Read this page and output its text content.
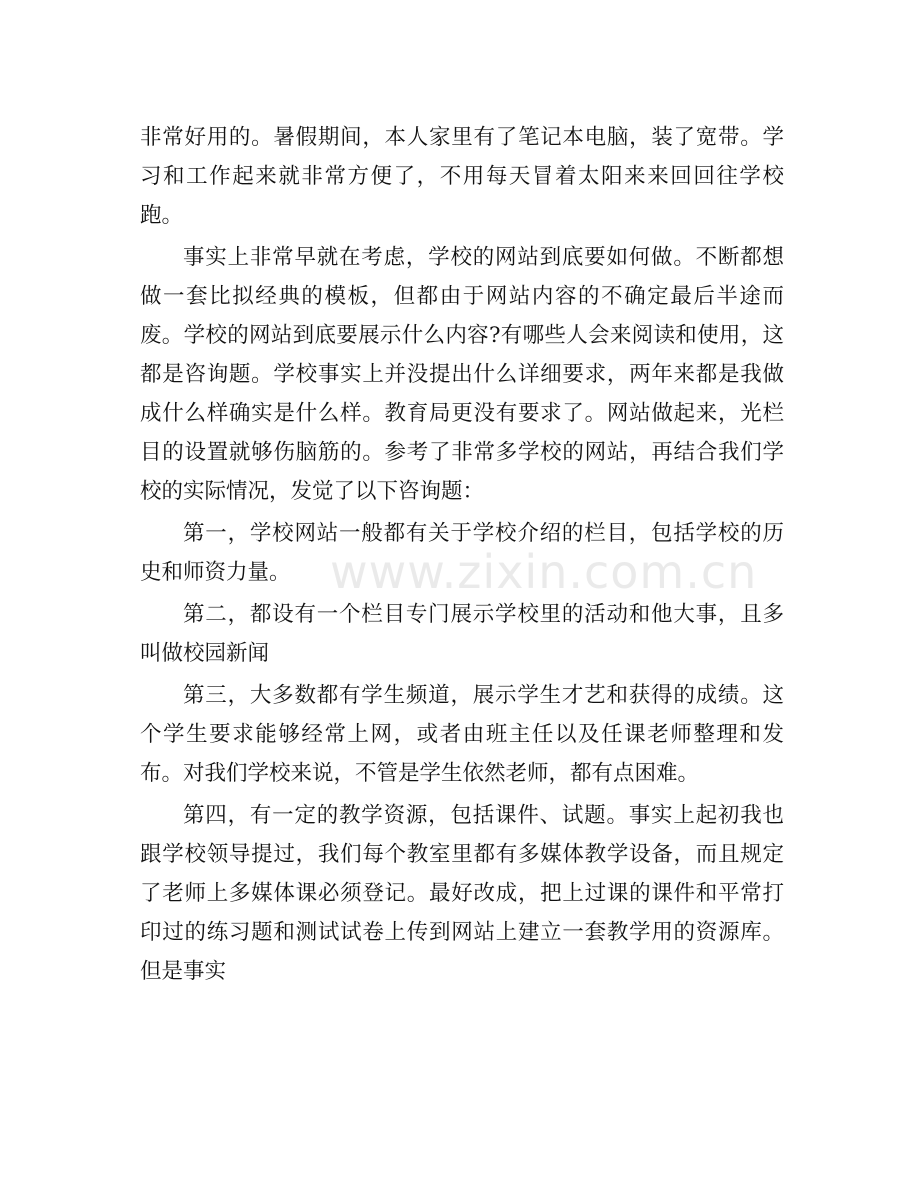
非常好用的。暑假期间，本人家里有了笔记本电脑，装了宽带。学习和工作起来就非常方便了，不用每天冒着太阳来来回回往学校跑。

事实上非常早就在考虑，学校的网站到底要如何做。不断都想做一套比拟经典的模板，但都由于网站内容的不确定最后半途而废。学校的网站到底要展示什么内容?有哪些人会来阅读和使用，这都是咨询题。学校事实上并没提出什么详细要求，两年来都是我做成什么样确实是什么样。教育局更没有要求了。网站做起来，光栏目的设置就够伤脑筋的。参考了非常多学校的网站，再结合我们学校的实际情况，发觉了以下咨询题：

第一，学校网站一般都有关于学校介绍的栏目，包括学校的历史和师资力量。

第二，都设有一个栏目专门展示学校里的活动和他大事，且多叫做校园新闻

第三，大多数都有学生频道，展示学生才艺和获得的成绩。这个学生要求能够经常上网，或者由班主任以及任课老师整理和发布。对我们学校来说，不管是学生依然老师，都有点困难。

第四，有一定的教学资源，包括课件、试题。事实上起初我也跟学校领导提过，我们每个教室里都有多媒体教学设备，而且规定了老师上多媒体课必须登记。最好改成，把上过课的课件和平常打印过的练习题和测试试卷上传到网站上建立一套教学用的资源库。但是事实

www.zixin.com.cn
